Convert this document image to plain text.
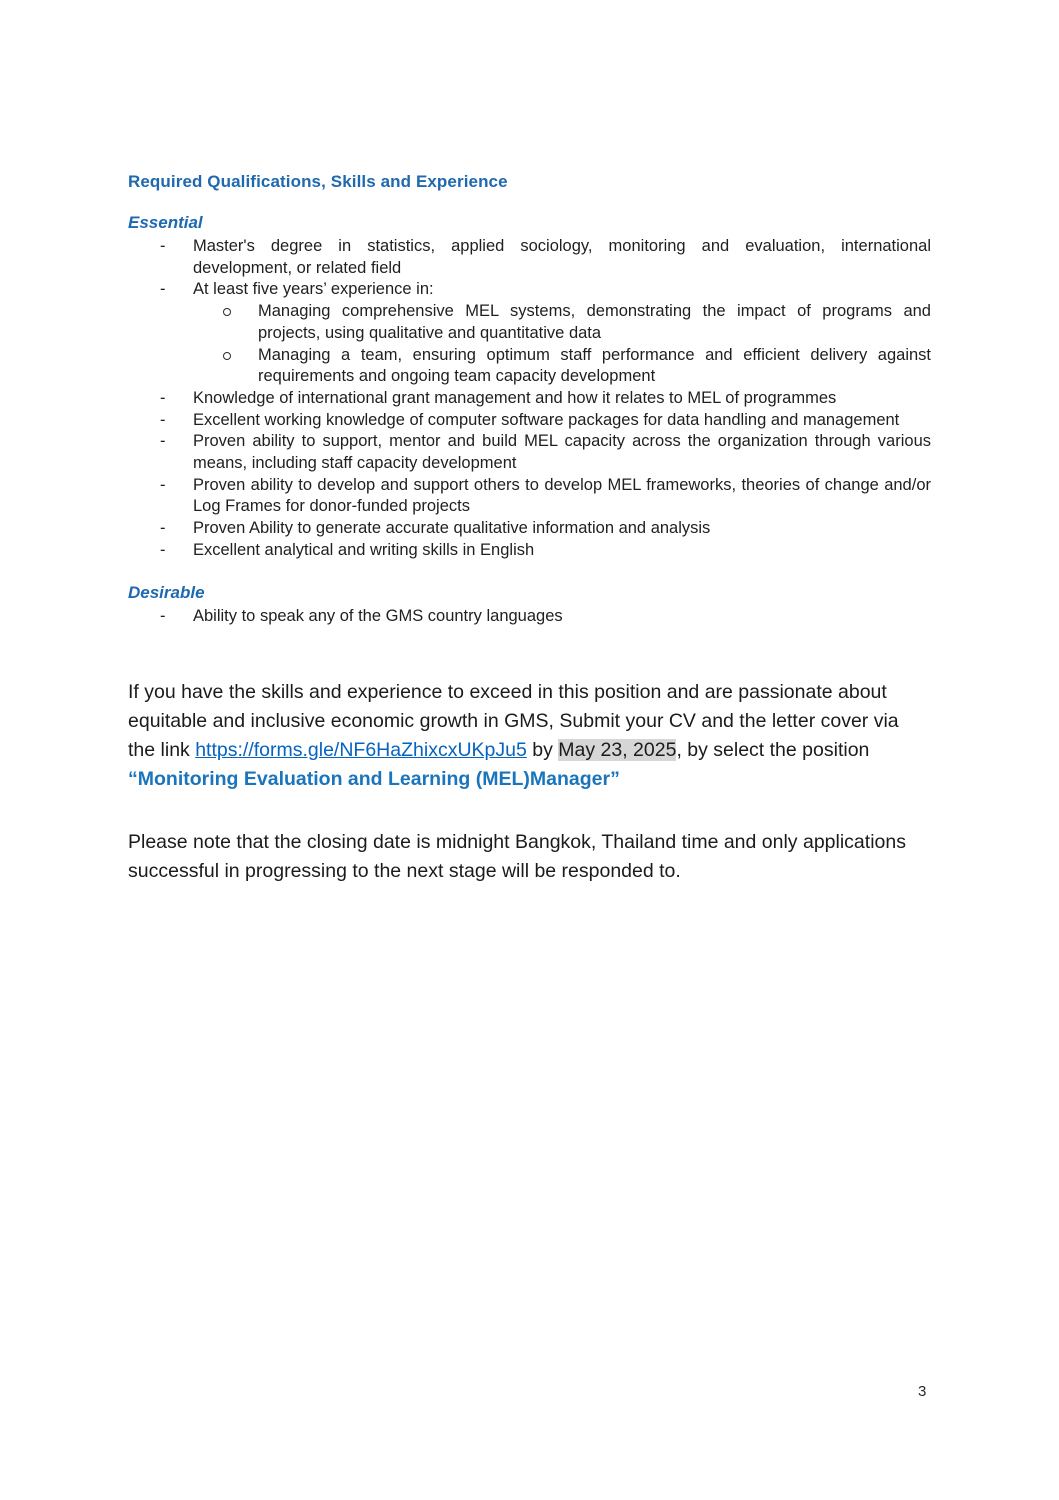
Required Qualifications, Skills and Experience
Essential
- Master's degree in statistics, applied sociology, monitoring and evaluation, international development, or related field
- At least five years’ experience in:
Managing comprehensive MEL systems, demonstrating the impact of programs and projects, using qualitative and quantitative data
Managing a team, ensuring optimum staff performance and efficient delivery against requirements and ongoing team capacity development
- Knowledge of international grant management and how it relates to MEL of programmes
- Excellent working knowledge of computer software packages for data handling and management
- Proven ability to support, mentor and build MEL capacity across the organization through various means, including staff capacity development
- Proven ability to develop and support others to develop MEL frameworks, theories of change and/or Log Frames for donor-funded projects
- Proven Ability to generate accurate qualitative information and analysis
- Excellent analytical and writing skills in English
Desirable
- Ability to speak any of the GMS country languages

If you have the skills and experience to exceed in this position and are passionate about equitable and inclusive economic growth in GMS, Submit your CV and the letter cover via the link https://forms.gle/NF6HaZhixcxUKpJu5 by May 23, 2025, by select the position “Monitoring Evaluation and Learning (MEL)Manager”

Please note that the closing date is midnight Bangkok, Thailand time and only applications successful in progressing to the next stage will be responded to.

3
